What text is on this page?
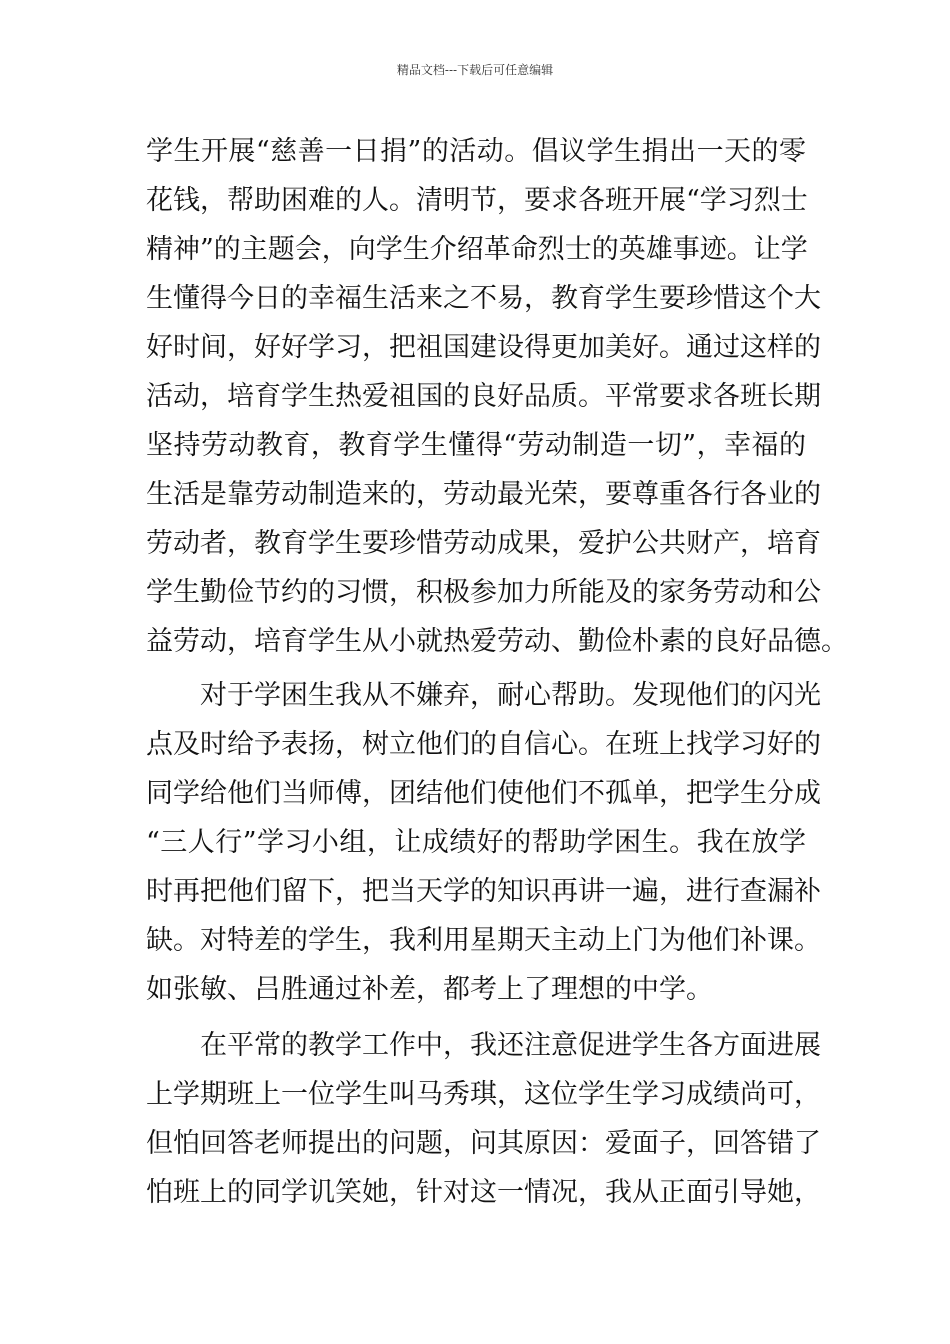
精品文档---下载后可任意编辑
学生开展“慈善一日捐”的活动。倡议学生捐出一天的零
花钱，帮助困难的人。清明节，要求各班开展“学习烈士
精神”的主题会，向学生介绍革命烈士的英雄事迹。让学
生懂得今日的幸福生活来之不易，教育学生要珍惜这个大
好时间，好好学习，把祖国建设得更加美好。通过这样的
活动，培育学生热爱祖国的良好品质。平常要求各班长期
坚持劳动教育，教育学生懂得“劳动制造一切”，幸福的
生活是靠劳动制造来的，劳动最光荣，要尊重各行各业的
劳动者，教育学生要珍惜劳动成果，爱护公共财产，培育
学生勤俭节约的习惯，积极参加力所能及的家务劳动和公
益劳动，培育学生从小就热爱劳动、勤俭朴素的良好品德。
对于学困生我从不嫌弃，耐心帮助。发现他们的闪光
点及时给予表扬，树立他们的自信心。在班上找学习好的
同学给他们当师傅，团结他们使他们不孤单，把学生分成
“三人行”学习小组，让成绩好的帮助学困生。我在放学
时再把他们留下，把当天学的知识再讲一遍，进行查漏补
缺。对特差的学生，我利用星期天主动上门为他们补课。
如张敏、吕胜通过补差，都考上了理想的中学。
在平常的教学工作中，我还注意促进学生各方面进展
上学期班上一位学生叫马秀琪，这位学生学习成绩尚可，
但怕回答老师提出的问题，问其原因：爱面子，回答错了
怕班上的同学讥笑她，针对这一情况，我从正面引导她，
